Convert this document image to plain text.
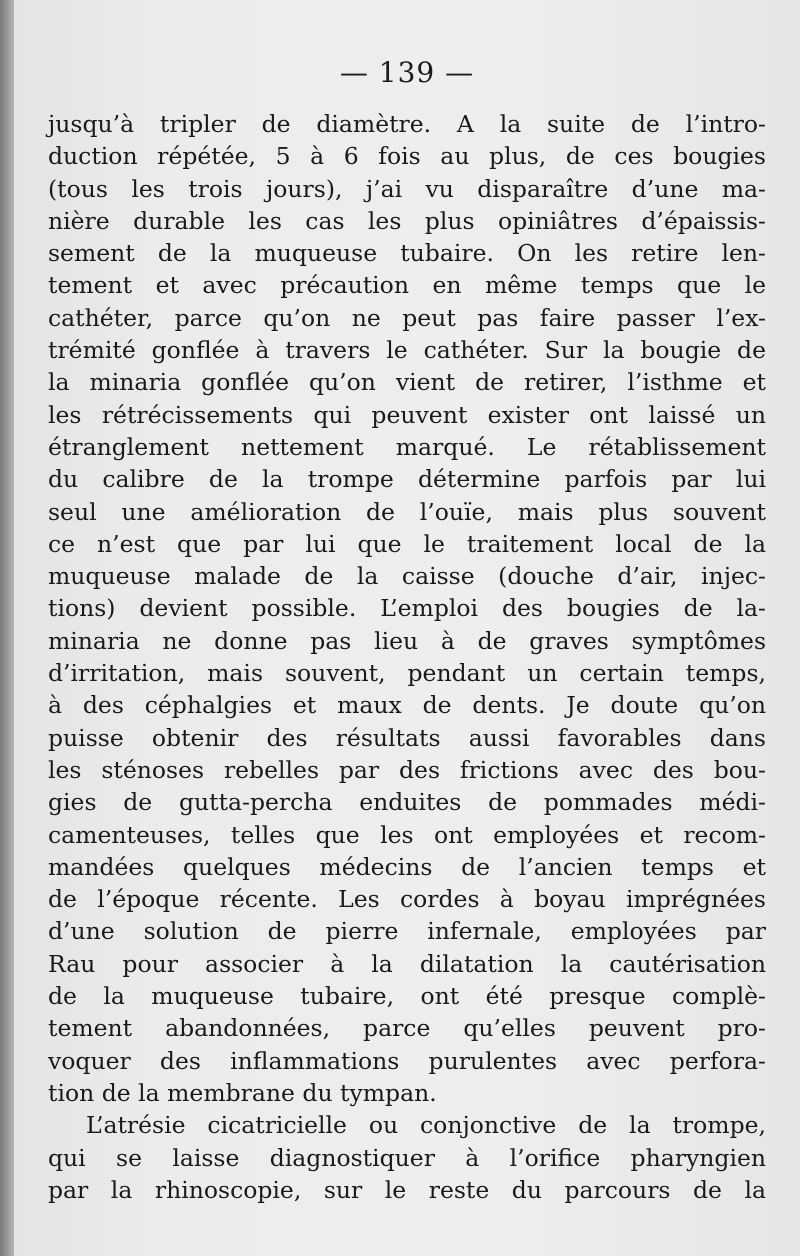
— 139 —
jusqu’à tripler de diamètre. A la suite de l’intro-
duction répétée, 5 à 6 fois au plus, de ces bougies
(tous les trois jours), j’ai vu disparaître d’une ma-
nière durable les cas les plus opiniâtres d’épaissis-
sement de la muqueuse tubaire. On les retire len-
tement et avec précaution en même temps que le
cathéter, parce qu’on ne peut pas faire passer l’ex-
trémité gonflée à travers le cathéter. Sur la bougie de
la minaria gonflée qu’on vient de retirer, l’isthme et
les rétrécissements qui peuvent exister ont laissé un
étranglement nettement marqué. Le rétablissement
du calibre de la trompe détermine parfois par lui
seul une amélioration de l’ouïe, mais plus souvent
ce n’est que par lui que le traitement local de la
muqueuse malade de la caisse (douche d’air, injec-
tions) devient possible. L’emploi des bougies de la-
minaria ne donne pas lieu à de graves symptômes
d’irritation, mais souvent, pendant un certain temps,
à des céphalgies et maux de dents. Je doute qu’on
puisse obtenir des résultats aussi favorables dans
les sténoses rebelles par des frictions avec des bou-
gies de gutta-percha enduites de pommades médi-
camenteuses, telles que les ont employées et recom-
mandées quelques médecins de l’ancien temps et
de l’époque récente. Les cordes à boyau imprégnées
d’une solution de pierre infernale, employées par
Rau pour associer à la dilatation la cautérisation
de la muqueuse tubaire, ont été presque complè-
tement abandonnées, parce qu’elles peuvent pro-
voquer des inflammations purulentes avec perfora-
tion de la membrane du tympan.
L’atrésie cicatricielle ou conjonctive de la trompe,
qui se laisse diagnostiquer à l’orifice pharyngien
par la rhinoscopie, sur le reste du parcours de la
